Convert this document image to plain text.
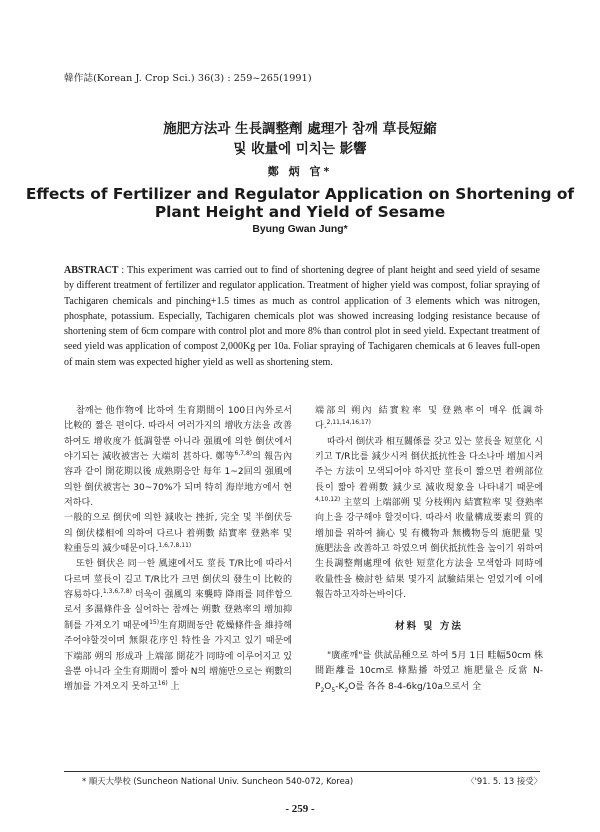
韓作誌(Korean J. Crop Sci.) 36(3) : 259~265(1991)
施肥方法과 生長調整劑 處理가 참깨 草長短縮
및 收量에 미치는 影響
鄭 炳 官*
Effects of Fertilizer and Regulator Application on Shortening of
Plant Height and Yield of Sesame
Byung Gwan Jung*
ABSTRACT : This experiment was carried out to find of shortening degree of plant height and seed yield of sesame by different treatment of fertilizer and regulator application. Treatment of higher yield was compost, foliar spraying of Tachigaren chemicals and pinching+1.5 times as much as control application of 3 elements which was nitrogen, phosphate, potassium. Especially, Tachigaren chemicals plot was showed increasing lodging resistance because of shortening stem of 6cm compare with control plot and more 8% than control plot in seed yield. Expectant treatment of seed yield was application of compost 2,000Kg per 10a. Foliar spraying of Tachigaren chemicals at 6 leaves full-open of main stem was expected higher yield as well as shortening stem.

참깨는 他作物에 比하여 生育期間이 100日內外로서 比較的 짧은 편이다. 따라서 여러가지의 增收方法을 改善하여도 增收度가 低調할뿐 아니라 强風에 의한 倒伏에서 야기되는 減收被害는 大端히 甚하다. 鄭等$^{6,7,8)}$의 報告內容과 같이 開花期以後 成熟期응안 每年 1~2回의 强風에 의한 倒伏被害는 30~70%가 되며 特히 海岸地方에서 현저하다.

一般的으로 倒伏에 의한 減收는 挫折, 完全 및 半倒伏등의 倒伏樣相에 의하여 다르나 着朔數 結實率 登熟率 및 粒重등의 減少때문이다.$^{1,6,7,8,11)}$

또한 倒伏은 同一한 風速에서도 莖長 T/R比에 따라서 다르며 莖長이 길고 T/R比가 크면 倒伏의 發生이 比較的 容易하다.$^{1,3,6,7,8)}$ 더욱이 强風의 來襲時 降雨를 同伴함으로서 多濕條件을 실어하는 참깨는 朔數 登熟率의 增加抑制를 가져오기 때문에$^{15)}$生育期間동안 乾燥條件을 維持해 주어야할것이며 無限花序인 特性을 가지고 있기 때문에 下端部 朔의 形成과 上端部 開花가 同時에 이루어지고 있을뿐 아니라 全生育期間이 짧아 N의 增施만으로는 朔數의 增加를 가져오지 못하고$^{16)}$ 上

端部의 朔內 結實粒率 및 登熟率이 매우 低調하다.$^{2,11,14,16,17)}$

따라서 倒伏과 相互關係를 갖고 있는 莖長을 短莖化 시키고 T/R比를 減少시켜 倒伏抵抗性을 다소나마 增加시켜주는 方法이 모색되어야 하지만 莖長이 짧으면 着朔部位長이 짧아 着朔數 減少로 減收現象을 나타내기 때문에$^{4,10,12)}$ 主莖의 上端部朔 및 分枝朔內 結實粒率 및 登熟率 向上을 강구해야 할것이다. 따라서 收量構成要素의 質的增加를 위하여 摘心 및 有機物과 無機物등의 施肥量 및 施肥法을 改善하고 하였으며 倒伏抵抗性을 높이기 위하여 生長調整劑處理에 依한 短莖化方法을 모색함과 同時에 收量性을 檢討한 結果 몇가지 試驗結果는 얻었기에 이에 報告하고자하는바이다.

材料 및 方法

"廣產깨"를 供試品種으로 하여 5月 1日 畦幅50cm 株間距離를 10cm로 條點播 하였고 施肥量은 反當 $N-P_2O_5-K_2O$를 各各 8-4-6kg/10a으로서 全

* 順天大學校 (Suncheon National Univ. Suncheon 540-072, Korea)	〈'91. 5. 13 接受〉
- 259 -
